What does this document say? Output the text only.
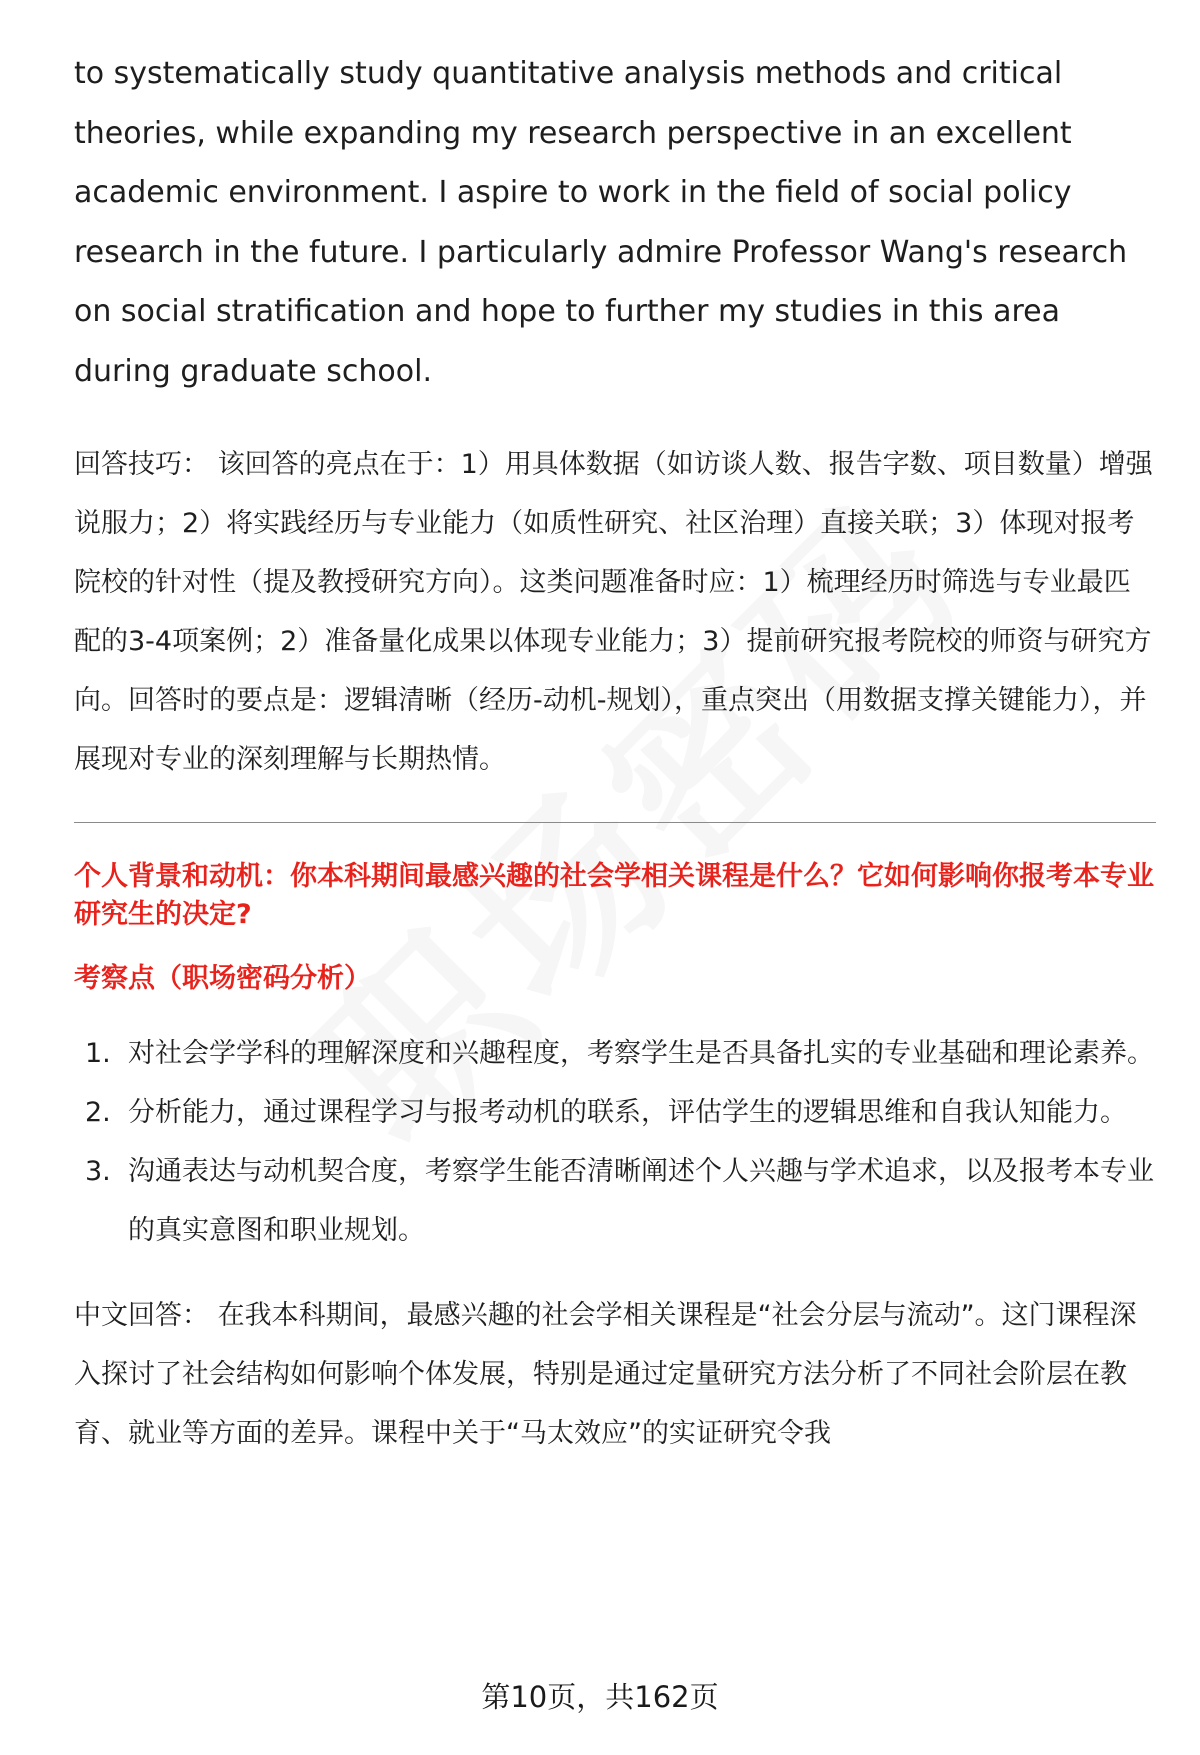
to systematically study quantitative analysis methods and critical theories, while expanding my research perspective in an excellent academic environment. I aspire to work in the field of social policy research in the future. I particularly admire Professor Wang's research on social stratification and hope to further my studies in this area during graduate school.

回答技巧： 该回答的亮点在于：1）用具体数据（如访谈人数、报告字数、项目数量）增强说服力；2）将实践经历与专业能力（如质性研究、社区治理）直接关联；3）体现对报考院校的针对性（提及教授研究方向）。这类问题准备时应：1）梳理经历时筛选与专业最匹配的3-4项案例；2）准备量化成果以体现专业能力；3）提前研究报考院校的师资与研究方向。回答时的要点是：逻辑清晰（经历-动机-规划），重点突出（用数据支撑关键能力），并展现对专业的深刻理解与长期热情。

个人背景和动机：你本科期间最感兴趣的社会学相关课程是什么？它如何影响你报考本专业研究生的决定?

考察点（职场密码分析）

1. 对社会学学科的理解深度和兴趣程度，考察学生是否具备扎实的专业基础和理论素养。
2. 分析能力，通过课程学习与报考动机的联系，评估学生的逻辑思维和自我认知能力。
3. 沟通表达与动机契合度，考察学生能否清晰阐述个人兴趣与学术追求，以及报考本专业的真实意图和职业规划。

中文回答： 在我本科期间，最感兴趣的社会学相关课程是“社会分层与流动”。这门课程深入探讨了社会结构如何影响个体发展，特别是通过定量研究方法分析了不同社会阶层在教育、就业等方面的差异。课程中关于“马太效应”的实证研究令我

第10页，共162页
